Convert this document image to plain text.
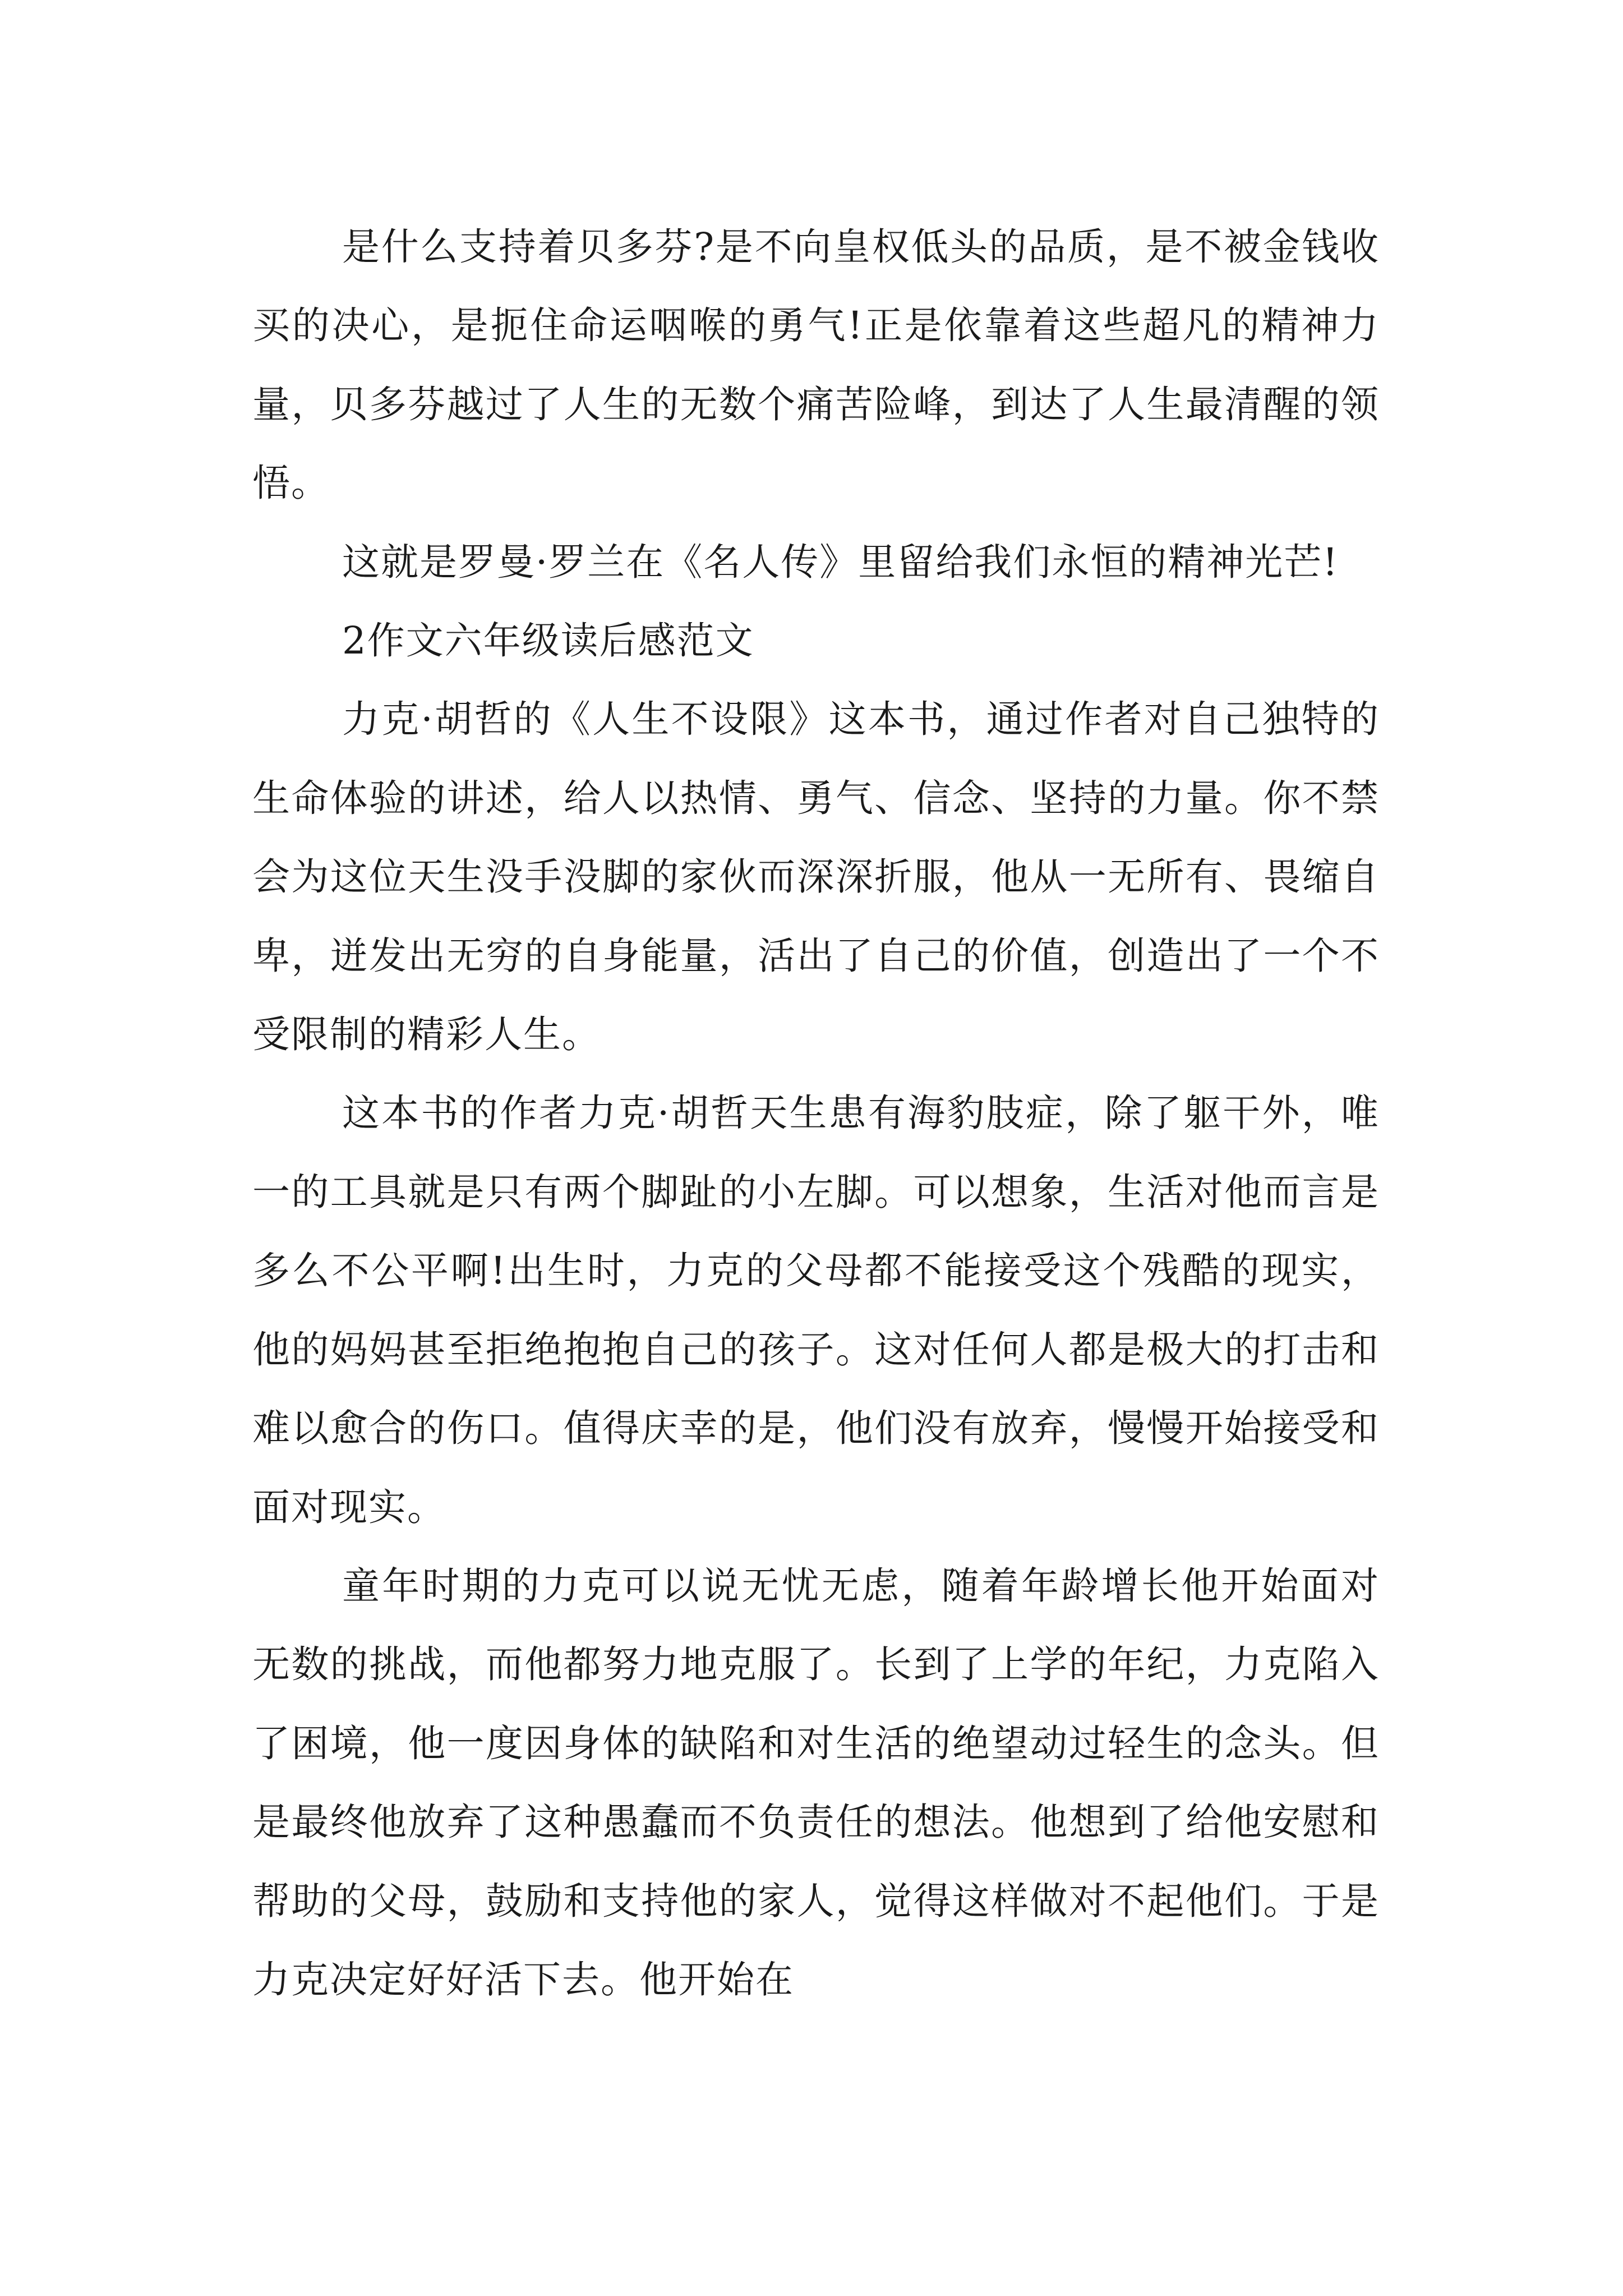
是什么支持着贝多芬?是不向皇权低头的品质，是不被金钱收买的决心，是扼住命运咽喉的勇气!正是依靠着这些超凡的精神力量，贝多芬越过了人生的无数个痛苦险峰，到达了人生最清醒的领悟。

这就是罗曼·罗兰在《名人传》里留给我们永恒的精神光芒!

2作文六年级读后感范文

力克·胡哲的《人生不设限》这本书，通过作者对自己独特的生命体验的讲述，给人以热情、勇气、信念、坚持的力量。你不禁会为这位天生没手没脚的家伙而深深折服，他从一无所有、畏缩自卑，迸发出无穷的自身能量，活出了自己的价值，创造出了一个不受限制的精彩人生。

这本书的作者力克·胡哲天生患有海豹肢症，除了躯干外，唯一的工具就是只有两个脚趾的小左脚。可以想象，生活对他而言是多么不公平啊!出生时，力克的父母都不能接受这个残酷的现实，他的妈妈甚至拒绝抱抱自己的孩子。这对任何人都是极大的打击和难以愈合的伤口。值得庆幸的是，他们没有放弃，慢慢开始接受和面对现实。

童年时期的力克可以说无忧无虑，随着年龄增长他开始面对无数的挑战，而他都努力地克服了。长到了上学的年纪，力克陷入了困境，他一度因身体的缺陷和对生活的绝望动过轻生的念头。但是最终他放弃了这种愚蠢而不负责任的想法。他想到了给他安慰和帮助的父母，鼓励和支持他的家人，觉得这样做对不起他们。于是力克决定好好活下去。他开始在
